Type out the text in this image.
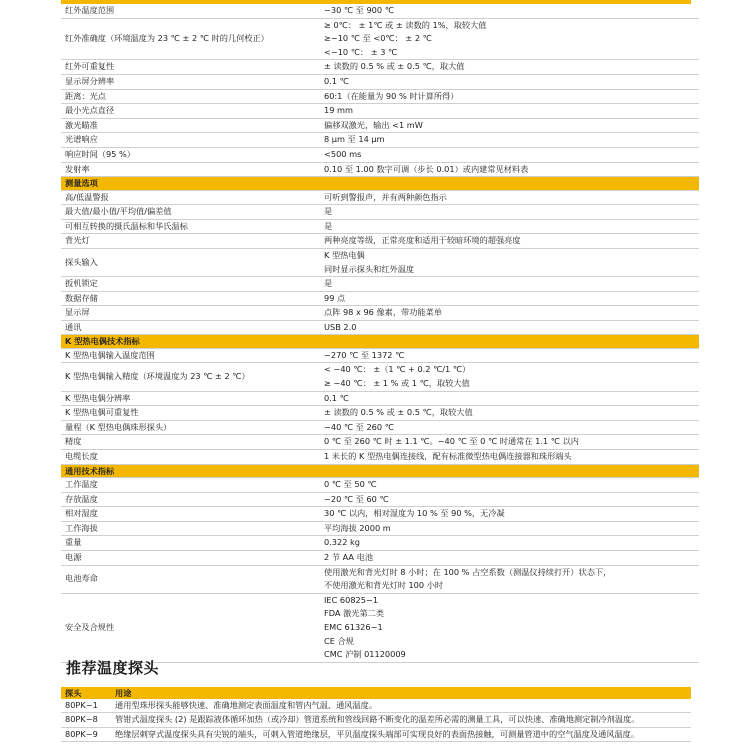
红外温度范围	−30 ℃ 至 900 ℃

红外准确度（环境温度为 23 ℃ ± 2 ℃ 时的几何校正）	≥ 0℃： ± 1℃ 或 ± 读数的 1%，取较大值
≥−10 ℃ 至 <0℃： ± 2 ℃
<−10 ℃： ± 3 ℃

红外可重复性	± 读数的 0.5 % 或 ± 0.5 ℃，取大值

显示屏分辨率	0.1 ℃

距离：光点	60:1（在能量为 90 % 时计算所得）

最小光点直径	19 mm

激光瞄准	偏移双激光，输出 <1 mW

光谱响应	8 μm 至 14 μm

响应时间（95 %）	<500 ms

发射率	0.10 至 1.00 数字可调（步长 0.01）或内建常见材料表

测量选项	
高/低温警报	可听到警报声，并有两种颜色指示

最大值/最小值/平均值/偏差值	是

可相互转换的摄氏温标和华氏温标	是

背光灯	两种亮度等级，正常亮度和适用于较暗环境的超强亮度

探头输入	K 型热电偶
同时显示探头和红外温度

扳机锁定	是

数据存储	99 点

显示屏	点阵 98 x 96 像素，带功能菜单

通讯	USB 2.0

K 型热电偶技术指标	
K 型热电偶输入温度范围	−270 ℃ 至 1372 ℃

K 型热电偶输入精度（环境温度为 23 ℃ ± 2 ℃）	< −40 ℃： ±（1 ℃ + 0.2 ℃/1 ℃）
≥ −40 ℃： ± 1 % 或 1 ℃，取较大值

K 型热电偶分辨率	0.1 ℃

K 型热电偶可重复性	± 读数的 0.5 % 或 ± 0.5 ℃，取较大值

量程（K 型热电偶珠形探头）	−40 ℃ 至 260 ℃

精度	0 ℃ 至 260 ℃ 时 ± 1.1 ℃。−40 ℃ 至 0 ℃ 时通常在 1.1 ℃ 以内

电缆长度	1 米长的 K 型热电偶连接线，配有标准微型热电偶连接器和珠形端头

通用技术指标	
工作温度	0 ℃ 至 50 ℃

存放温度	−20 ℃ 至 60 ℃

相对湿度	30 ℃ 以内，相对湿度为 10 % 至 90 %，无冷凝

工作海拔	平均海拔 2000 m

重量	0.322 kg

电源	2 节 AA 电池

电池寿命	使用激光和背光灯时 8 小时；在 100 % 占空系数（测温仪持续打开）状态下，
不使用激光和背光灯时 100 小时

安全及合规性	IEC 60825−1
FDA 激光第二类
EMC 61326−1
CE 合规
CMC 沪制 01120009
推荐温度探头
探头	用途
80PK−1	通用型珠形探头能够快速、准确地测定表面温度和管内气温、通风温度。
80PK−8	管钳式温度探头 (2) 是跟踪液体循环加热（或冷却）管道系统和管线回路不断变化的温差所必需的测量工具，可以快速、准确地测定制冷剂温度。
80PK−9	绝缘层刺穿式温度探头具有尖锐的端头，可刺入管道绝缘层，平贝温度探头端部可实现良好的表面热接触，可测量管道中的空气温度及通风温度。
